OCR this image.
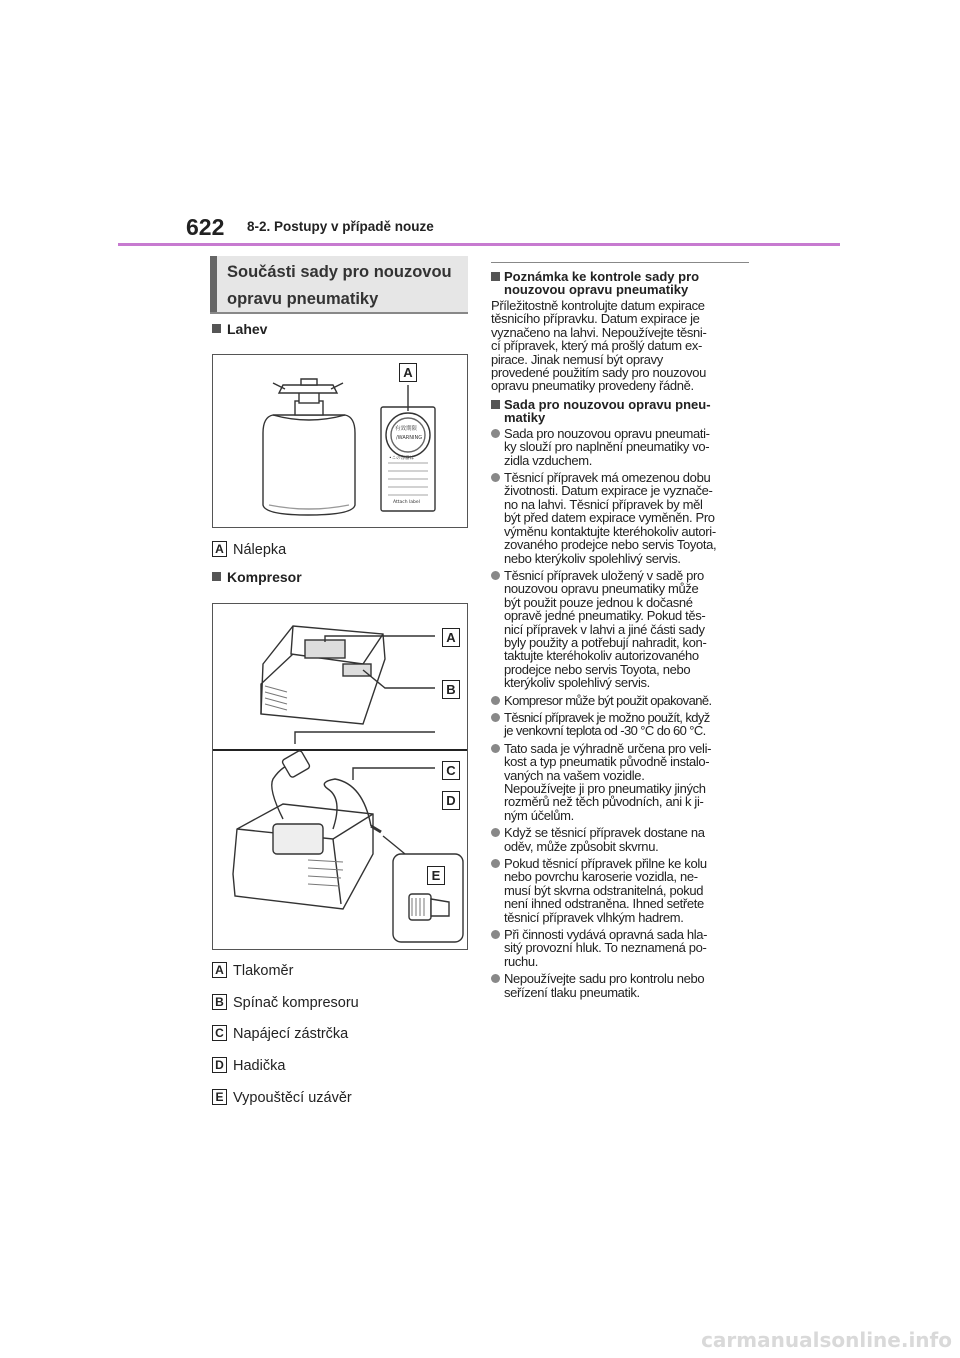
622 8-2. Postupy v případě nouze
Součásti sady pro nouzovou
opravu pneumatiky
Lahev
有效期限
/WARNING
•この容器は
Attach label
A
A Nálepka
Kompresor
A
B
C
D
E
A Tlakoměr
B Spínač kompresoru
C Napájecí zástrčka
D Hadička
E Vypouštěcí uzávěr
Poznámka ke kontrole sady pro
nouzovou opravu pneumatiky
Příležitostně kontrolujte datum expirace
těsnicího přípravku. Datum expirace je
vyznačeno na lahvi. Nepoužívejte těsni-
cí přípravek, který má prošlý datum ex-
pirace. Jinak nemusí být opravy
provedené použitím sady pro nouzovou
opravu pneumatiky provedeny řádně.
Sada pro nouzovou opravu pneu-
matiky
Sada pro nouzovou opravu pneumati-
ky slouží pro naplnění pneumatiky vo-
zidla vzduchem.
Těsnicí přípravek má omezenou dobu
životnosti. Datum expirace je vyznače-
no na lahvi. Těsnicí přípravek by měl
být před datem expirace vyměněn. Pro
výměnu kontaktujte kteréhokoliv autori-
zovaného prodejce nebo servis Toyota,
nebo kterýkoliv spolehlivý servis.
Těsnicí přípravek uložený v sadě pro
nouzovou opravu pneumatiky může
být použit pouze jednou k dočasné
opravě jedné pneumatiky. Pokud těs-
nicí přípravek v lahvi a jiné části sady
byly použity a potřebují nahradit, kon-
taktujte kteréhokoliv autorizovaného
prodejce nebo servis Toyota, nebo
kterýkoliv spolehlivý servis.
Kompresor může být použit opakovaně.
Těsnicí přípravek je možno použít, když
je venkovní teplota od -30 °C do 60 °C.
Tato sada je výhradně určena pro veli-
kost a typ pneumatik původně instalo-
vaných na vašem vozidle.
Nepoužívejte ji pro pneumatiky jiných
rozměrů než těch původních, ani k ji-
ným účelům.
Když se těsnicí přípravek dostane na
oděv, může způsobit skvrnu.
Pokud těsnicí přípravek přilne ke kolu
nebo povrchu karoserie vozidla, ne-
musí být skvrna odstranitelná, pokud
není ihned odstraněna. Ihned setřete
těsnicí přípravek vlhkým hadrem.
Při činnosti vydává opravná sada hla-
sitý provozní hluk. To neznamená po-
ruchu.
Nepoužívejte sadu pro kontrolu nebo
seřízení tlaku pneumatik.
carmanualsonline.info
